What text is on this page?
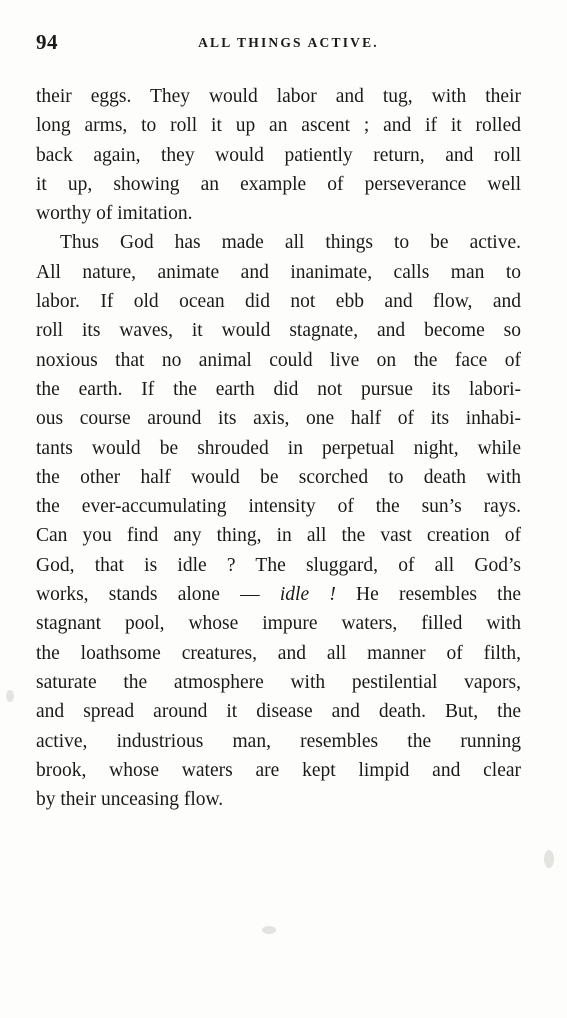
94	ALL THINGS ACTIVE.
their eggs. They would labor and tug, with their
long arms, to roll it up an ascent ; and if it rolled
back again, they would patiently return, and roll
it up, showing an example of perseverance well
worthy of imitation.
Thus God has made all things to be active.
All nature, animate and inanimate, calls man to
labor. If old ocean did not ebb and flow, and
roll its waves, it would stagnate, and become so
noxious that no animal could live on the face of
the earth. If the earth did not pursue its labori-
ous course around its axis, one half of its inhabi-
tants would be shrouded in perpetual night, while
the other half would be scorched to death with
the ever-accumulating intensity of the sun’s rays.
Can you find any thing, in all the vast creation of
God, that is idle ? The sluggard, of all God’s
works, stands alone — idle ! He resembles the
stagnant pool, whose impure waters, filled with
the loathsome creatures, and all manner of filth,
saturate the atmosphere with pestilential vapors,
and spread around it disease and death. But, the
active, industrious man, resembles the running
brook, whose waters are kept limpid and clear
by their unceasing flow.
